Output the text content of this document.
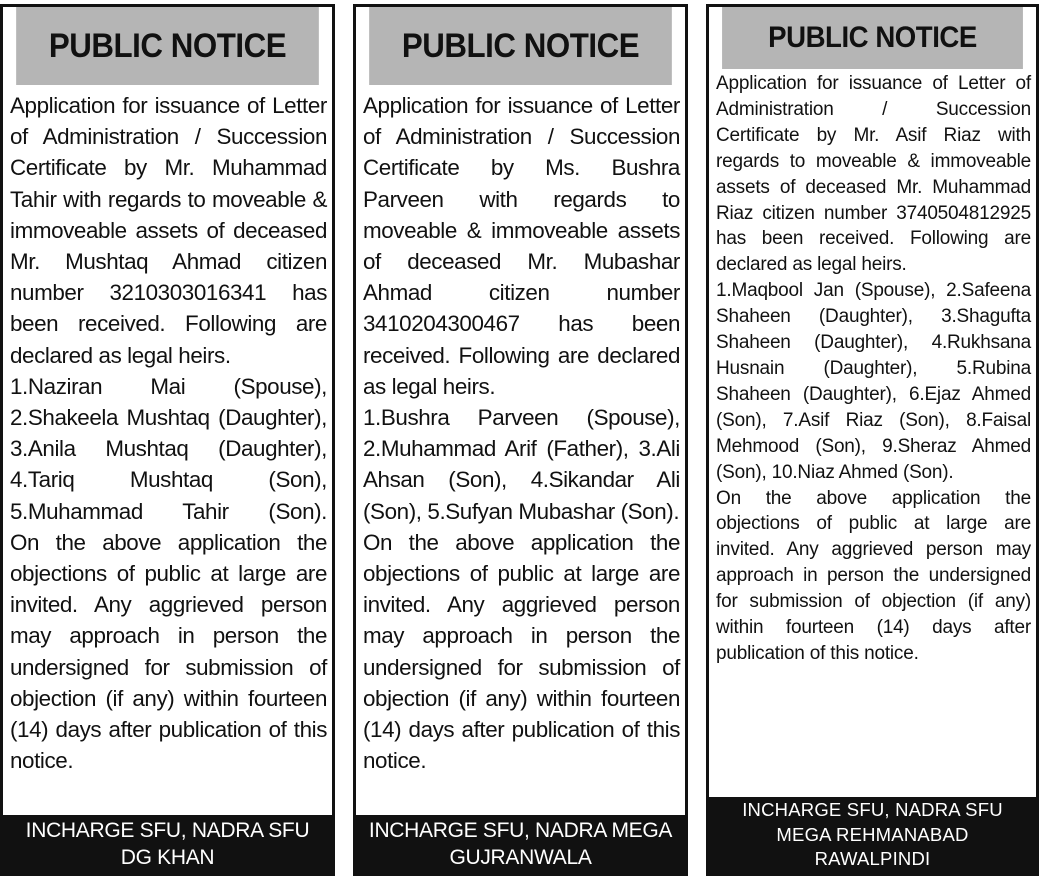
PUBLIC NOTICE

Application for issuance of Letter of Administration / Succession Certificate by Mr. Muhammad Tahir with regards to moveable & immoveable assets of deceased Mr. Mushtaq Ahmad citizen number 3210303016341 has been received. Following are declared as legal heirs.

1.Naziran Mai (Spouse),
2.Shakeela Mushtaq (Daughter),
3.Anila Mushtaq (Daughter),
4.Tariq Mushtaq (Son),
5.Muhammad Tahir (Son).

On the above application the objections of public at large are invited. Any aggrieved person may approach in person the undersigned for submission of objection (if any) within fourteen (14) days after publication of this notice.

INCHARGE SFU, NADRA SFU
DG KHAN
PUBLIC NOTICE

Application for issuance of Letter of Administration / Succession Certificate by Ms. Bushra Parveen with regards to moveable & immoveable assets of deceased Mr. Mubashar Ahmad citizen number 3410204300467 has been received. Following are declared as legal heirs.

1.Bushra Parveen (Spouse), 2.Muhammad Arif (Father), 3.Ali Ahsan (Son), 4.Sikandar Ali (Son), 5.Sufyan Mubashar (Son).

On the above application the objections of public at large are invited. Any aggrieved person may approach in person the undersigned for submission of objection (if any) within fourteen (14) days after publication of this notice.

INCHARGE SFU, NADRA MEGA
GUJRANWALA
PUBLIC NOTICE

Application for issuance of Letter of Administration / Succession Certificate by Mr. Asif Riaz with regards to moveable & immoveable assets of deceased Mr. Muhammad Riaz citizen number 3740504812925 has been received. Following are declared as legal heirs.

1.Maqbool Jan (Spouse), 2.Safeena Shaheen (Daughter), 3.Shagufta Shaheen (Daughter), 4.Rukhsana Husnain (Daughter), 5.Rubina Shaheen (Daughter), 6.Ejaz Ahmed (Son), 7.Asif Riaz (Son), 8.Faisal Mehmood (Son), 9.Sheraz Ahmed (Son), 10.Niaz Ahmed (Son).

On the above application the objections of public at large are invited. Any aggrieved person may approach in person the undersigned for submission of objection (if any) within fourteen (14) days after publication of this notice.

INCHARGE SFU, NADRA SFU
MEGA REHMANABAD
RAWALPINDI
